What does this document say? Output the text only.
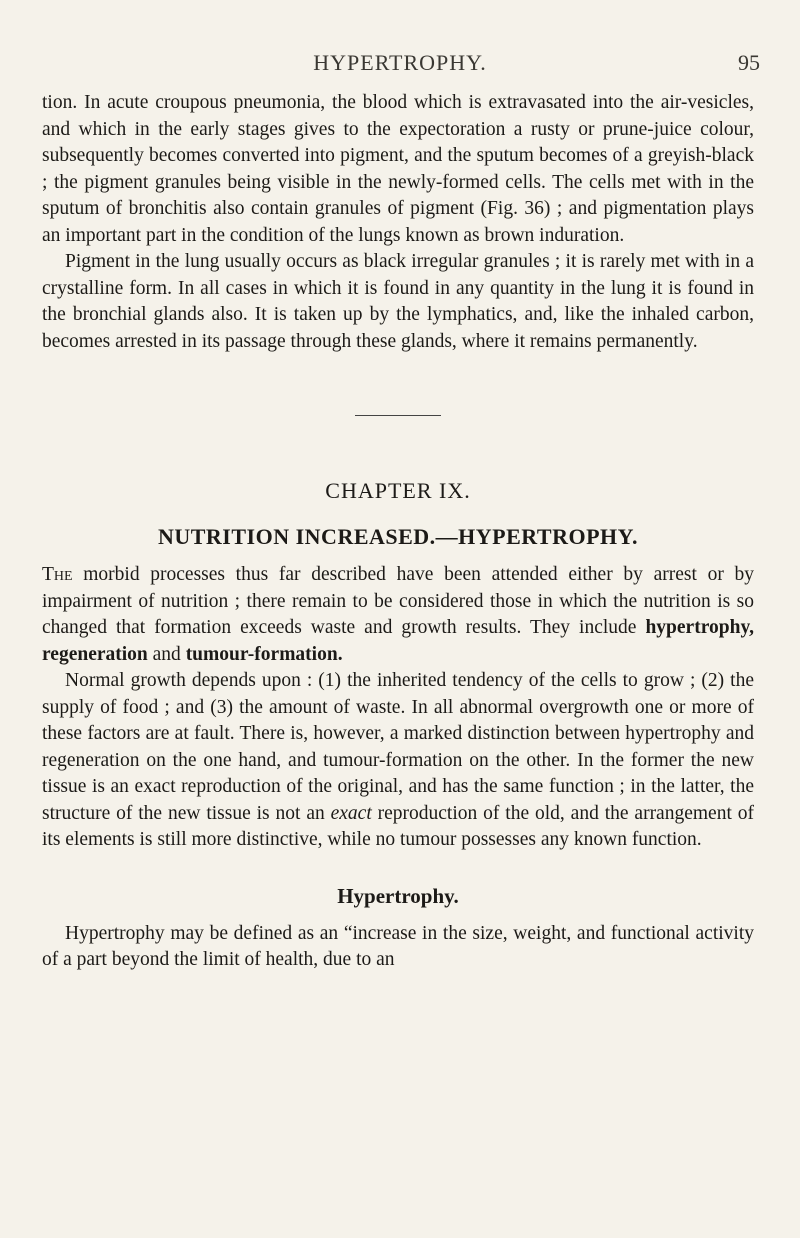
HYPERTROPHY.	95

tion. In acute croupous pneumonia, the blood which is extravasated into the air-vesicles, and which in the early stages gives to the expectoration a rusty or prune-juice colour, subsequently becomes converted into pigment, and the sputum becomes of a greyish-black ; the pigment granules being visible in the newly-formed cells. The cells met with in the sputum of bronchitis also contain granules of pigment (Fig. 36) ; and pigmentation plays an important part in the condition of the lungs known as brown induration.

Pigment in the lung usually occurs as black irregular granules ; it is rarely met with in a crystalline form. In all cases in which it is found in any quantity in the lung it is found in the bronchial glands also. It is taken up by the lymphatics, and, like the inhaled carbon, becomes arrested in its passage through these glands, where it remains permanently.

CHAPTER IX.
NUTRITION INCREASED.—HYPERTROPHY.

The morbid processes thus far described have been attended either by arrest or by impairment of nutrition ; there remain to be considered those in which the nutrition is so changed that formation exceeds waste and growth results. They include hypertrophy, regeneration and tumour-formation.

Normal growth depends upon : (1) the inherited tendency of the cells to grow ; (2) the supply of food ; and (3) the amount of waste. In all abnormal overgrowth one or more of these factors are at fault. There is, however, a marked distinction between hypertrophy and regeneration on the one hand, and tumour-formation on the other. In the former the new tissue is an exact reproduction of the original, and has the same function ; in the latter, the structure of the new tissue is not an exact reproduction of the old, and the arrangement of its elements is still more distinctive, while no tumour possesses any known function.

Hypertrophy.

Hypertrophy may be defined as an “increase in the size, weight, and functional activity of a part beyond the limit of health, due to an
